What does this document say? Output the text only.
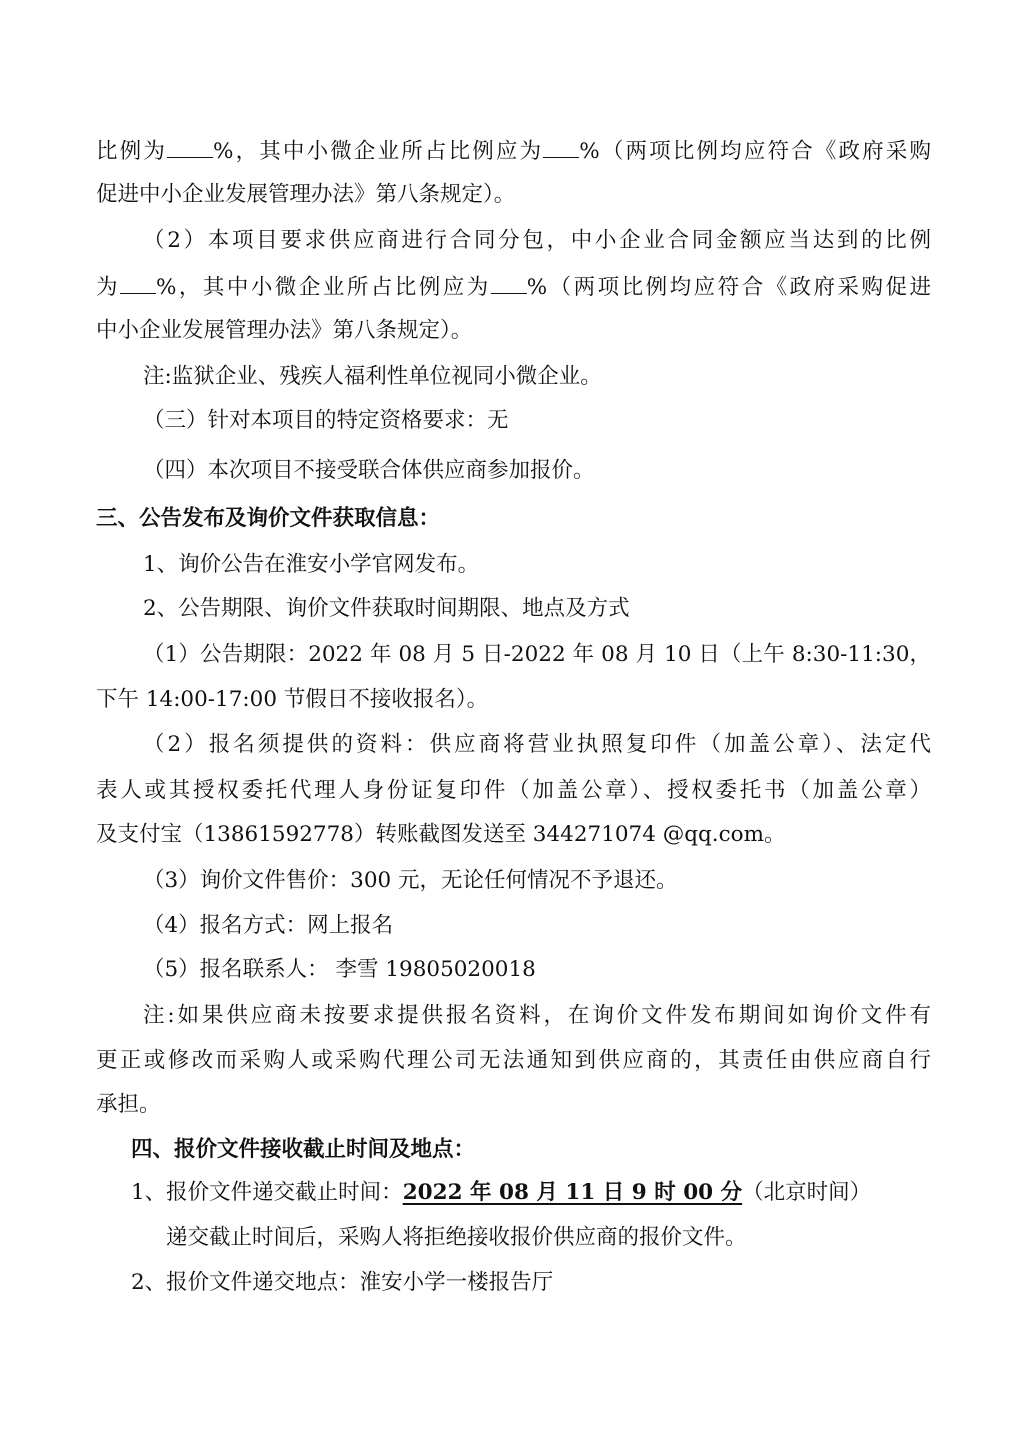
比例为 %，其中小微企业所占比例应为 %（两项比例均应符合《政府采购
促进中小企业发展管理办法》第八条规定）。
（2）本项目要求供应商进行合同分包，中小企业合同金额应当达到的比例
为 %，其中小微企业所占比例应为 %（两项比例均应符合《政府采购促进
中小企业发展管理办法》第八条规定）。
注:监狱企业、残疾人福利性单位视同小微企业。
（三）针对本项目的特定资格要求：无
（四）本次项目不接受联合体供应商参加报价。
三、公告发布及询价文件获取信息：
1、询价公告在淮安小学官网发布。
2、公告期限、询价文件获取时间期限、地点及方式
（1）公告期限：2022 年 08 月 5 日-2022 年 08 月 10 日（上午 8:30-11:30，
下午 14:00-17:00 节假日不接收报名）。
（2）报名须提供的资料：供应商将营业执照复印件（加盖公章）、法定代
表人或其授权委托代理人身份证复印件（加盖公章）、授权委托书（加盖公章）
及支付宝（13861592778）转账截图发送至 344271074 @qq.com。
（3）询价文件售价：300 元，无论任何情况不予退还。
（4）报名方式：网上报名
（5）报名联系人： 李雪 19805020018
注:如果供应商未按要求提供报名资料，在询价文件发布期间如询价文件有
更正或修改而采购人或采购代理公司无法通知到供应商的，其责任由供应商自行
承担。
四、报价文件接收截止时间及地点：
1、报价文件递交截止时间：2022 年 08 月 11 日 9 时 00 分（北京时间）
递交截止时间后，采购人将拒绝接收报价供应商的报价文件。
2、报价文件递交地点：淮安小学一楼报告厅
